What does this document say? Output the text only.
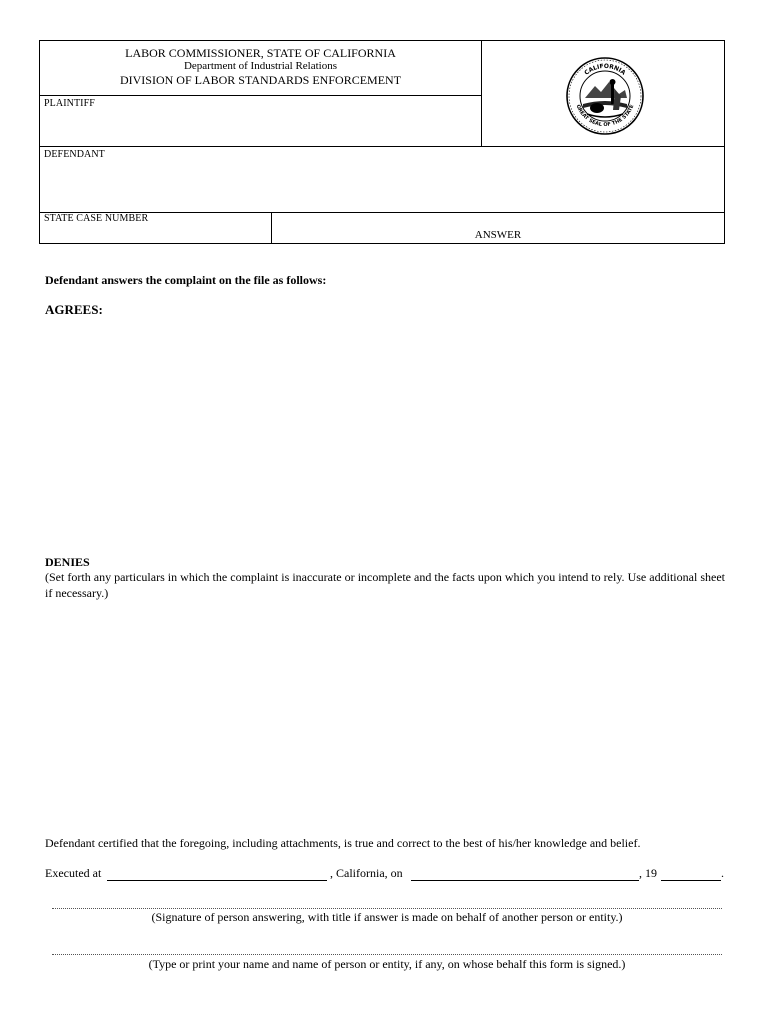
LABOR COMMISSIONER, STATE OF CALIFORNIA
Department of Industrial Relations
DIVISION OF LABOR STANDARDS ENFORCEMENT
PLAINTIFF
CALIFORNIA
GREAT SEAL OF THE STATE
DEFENDANT
STATE CASE NUMBER
ANSWER
Defendant answers the complaint on the file as follows:
AGREES:
DENIES
(Set forth any particulars in which the complaint is inaccurate or incomplete and the facts upon which you intend to rely. Use additional sheet if necessary.)
Defendant certified that the foregoing, including attachments, is true and correct to the best of his/her knowledge and belief.
Executed at	, California, on	, 19	.
(Signature of person answering, with title if answer is made on behalf of another person or entity.)
(Type or print your name and name of person or entity, if any, on whose behalf this form is signed.)
